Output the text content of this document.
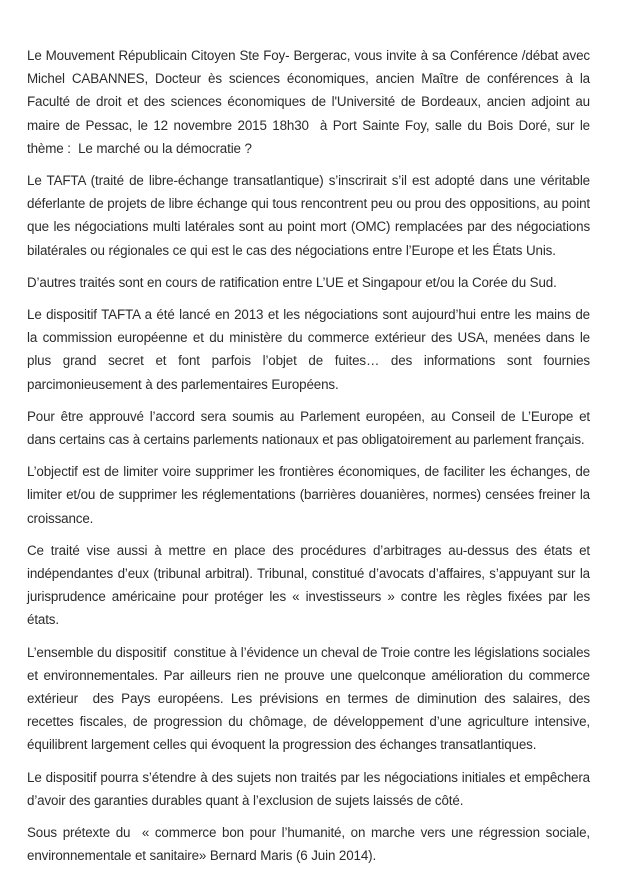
Le Mouvement Républicain Citoyen Ste Foy- Bergerac, vous invite à sa Conférence /débat avec Michel CABANNES, Docteur ès sciences économiques, ancien Maître de conférences à la Faculté de droit et des sciences économiques de l'Université de Bordeaux, ancien adjoint au maire de Pessac, le 12 novembre 2015 18h30  à Port Sainte Foy, salle du Bois Doré, sur le thème :  Le marché ou la démocratie ?

Le TAFTA (traité de libre-échange transatlantique) s’inscrirait s’il est adopté dans une véritable déferlante de projets de libre échange qui tous rencontrent peu ou prou des oppositions, au point que les négociations multi latérales sont au point mort (OMC) remplacées par des négociations bilatérales ou régionales ce qui est le cas des négociations entre l’Europe et les États Unis.

D’autres traités sont en cours de ratification entre L’UE et Singapour et/ou la Corée du Sud.

Le dispositif TAFTA a été lancé en 2013 et les négociations sont aujourd’hui entre les mains de la commission européenne et du ministère du commerce extérieur des USA, menées dans le plus grand secret et font parfois l’objet de fuites… des informations sont fournies parcimonieusement à des parlementaires Européens.

Pour être approuvé l’accord sera soumis au Parlement européen, au Conseil de L’Europe et dans certains cas à certains parlements nationaux et pas obligatoirement au parlement français.

L’objectif est de limiter voire supprimer les frontières économiques, de faciliter les échanges, de limiter et/ou de supprimer les réglementations (barrières douanières, normes) censées freiner la croissance.

Ce traité vise aussi à mettre en place des procédures d’arbitrages au-dessus des états et indépendantes d’eux (tribunal arbitral). Tribunal, constitué d’avocats d’affaires, s’appuyant sur la jurisprudence américaine pour protéger les « investisseurs » contre les règles fixées par les états.

L’ensemble du dispositif  constitue à l’évidence un cheval de Troie contre les législations sociales et environnementales. Par ailleurs rien ne prouve une quelconque amélioration du commerce extérieur  des Pays européens. Les prévisions en termes de diminution des salaires, des recettes fiscales, de progression du chômage, de développement d’une agriculture intensive, équilibrent largement celles qui évoquent la progression des échanges transatlantiques.

Le dispositif pourra s’étendre à des sujets non traités par les négociations initiales et empêchera d’avoir des garanties durables quant à l’exclusion de sujets laissés de côté.

Sous prétexte du  « commerce bon pour l’humanité, on marche vers une régression sociale, environnementale et sanitaire» Bernard Maris (6 Juin 2014).
